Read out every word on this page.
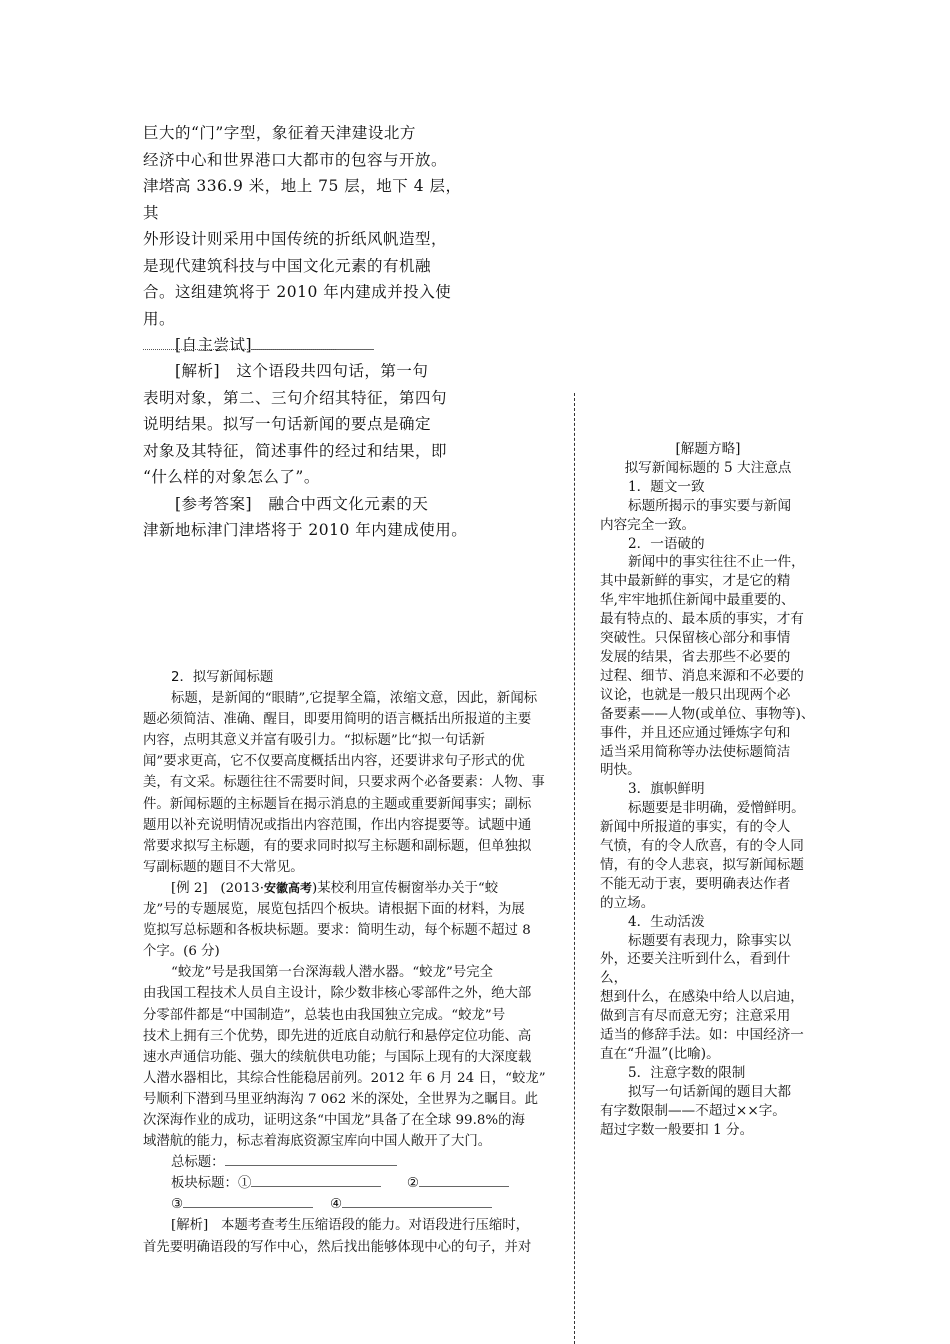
巨大的“门”字型，象征着天津建设北方

经济中心和世界港口大都市的包容与开放。

津塔高 336.9 米，地上 75 层，地下 4 层，其

外形设计则采用中国传统的折纸风帆造型，

是现代建筑科技与中国文化元素的有机融

合。这组建筑将于 2010 年内建成并投入使

用。

[自主尝试]

[解析] 这个语段共四句话，第一句

表明对象，第二、三句介绍其特征，第四句

说明结果。拟写一句话新闻的要点是确定

对象及其特征，简述事件的经过和结果，即

“什么样的对象怎么了”。

[参考答案] 融合中西文化元素的天

津新地标津门津塔将于 2010 年内建成使用。

2．拟写新闻标题

标题，是新闻的“眼睛”,它提挈全篇，浓缩文意，因此，新闻标

题必须简洁、准确、醒目，即要用简明的语言概括出所报道的主要

内容，点明其意义并富有吸引力。“拟标题”比“拟一句话新

闻”要求更高，它不仅要高度概括出内容，还要讲求句子形式的优

美，有文采。标题往往不需要时间，只要求两个必备要素：人物、事

件。新闻标题的主标题旨在揭示消息的主题或重要新闻事实；副标

题用以补充说明情况或指出内容范围，作出内容提要等。试题中通

常要求拟写主标题，有的要求同时拟写主标题和副标题，但单独拟

写副标题的题目不大常见。

[例 2] (2013·安徽高考)某校利用宣传橱窗举办关于“蛟

龙”号的专题展览，展览包括四个板块。请根据下面的材料，为展

览拟写总标题和各板块标题。要求：简明生动，每个标题不超过 8

个字。(6 分)

“蛟龙”号是我国第一台深海载人潜水器。“蛟龙”号完全

由我国工程技术人员自主设计，除少数非核心零部件之外，绝大部

分零部件都是“中国制造”，总装也由我国独立完成。“蛟龙”号

技术上拥有三个优势，即先进的近底自动航行和悬停定位功能、高

速水声通信功能、强大的续航供电功能；与国际上现有的大深度载

人潜水器相比，其综合性能稳居前列。2012 年 6 月 24 日，“蛟龙”

号顺利下潜到马里亚纳海沟 7 062 米的深处，全世界为之瞩目。此

次深海作业的成功，证明这条“中国龙”具备了在全球 99.8%的海

域潜航的能力，标志着海底资源宝库向中国人敞开了大门。

总标题：

板块标题：①	②

③	④

[解析] 本题考查考生压缩语段的能力。对语段进行压缩时，

首先要明确语段的写作中心，然后找出能够体现中心的句子，并对

[解题方略]

拟写新闻标题的 5 大注意点

1．题文一致

标题所揭示的事实要与新闻

内容完全一致。

2．一语破的

新闻中的事实往往不止一件，

其中最新鲜的事实，才是它的精

华,牢牢地抓住新闻中最重要的、

最有特点的、最本质的事实，才有

突破性。只保留核心部分和事情

发展的结果，省去那些不必要的

过程、细节、消息来源和不必要的

议论，也就是一般只出现两个必

备要素——人物(或单位、事物等)、

事件，并且还应通过锤炼字句和

适当采用简称等办法使标题简洁

明快。

3．旗帜鲜明

标题要是非明确，爱憎鲜明。

新闻中所报道的事实，有的令人

气愤，有的令人欣喜，有的令人同

情，有的令人悲哀，拟写新闻标题

不能无动于衷，要明确表达作者

的立场。

4．生动活泼

标题要有表现力，除事实以

外，还要关注听到什么，看到什么，

想到什么，在感染中给人以启迪，

做到言有尽而意无穷；注意采用

适当的修辞手法。如：中国经济一

直在“升温”(比喻)。

5．注意字数的限制

拟写一句话新闻的题目大都

有字数限制——不超过××字。

超过字数一般要扣 1 分。
